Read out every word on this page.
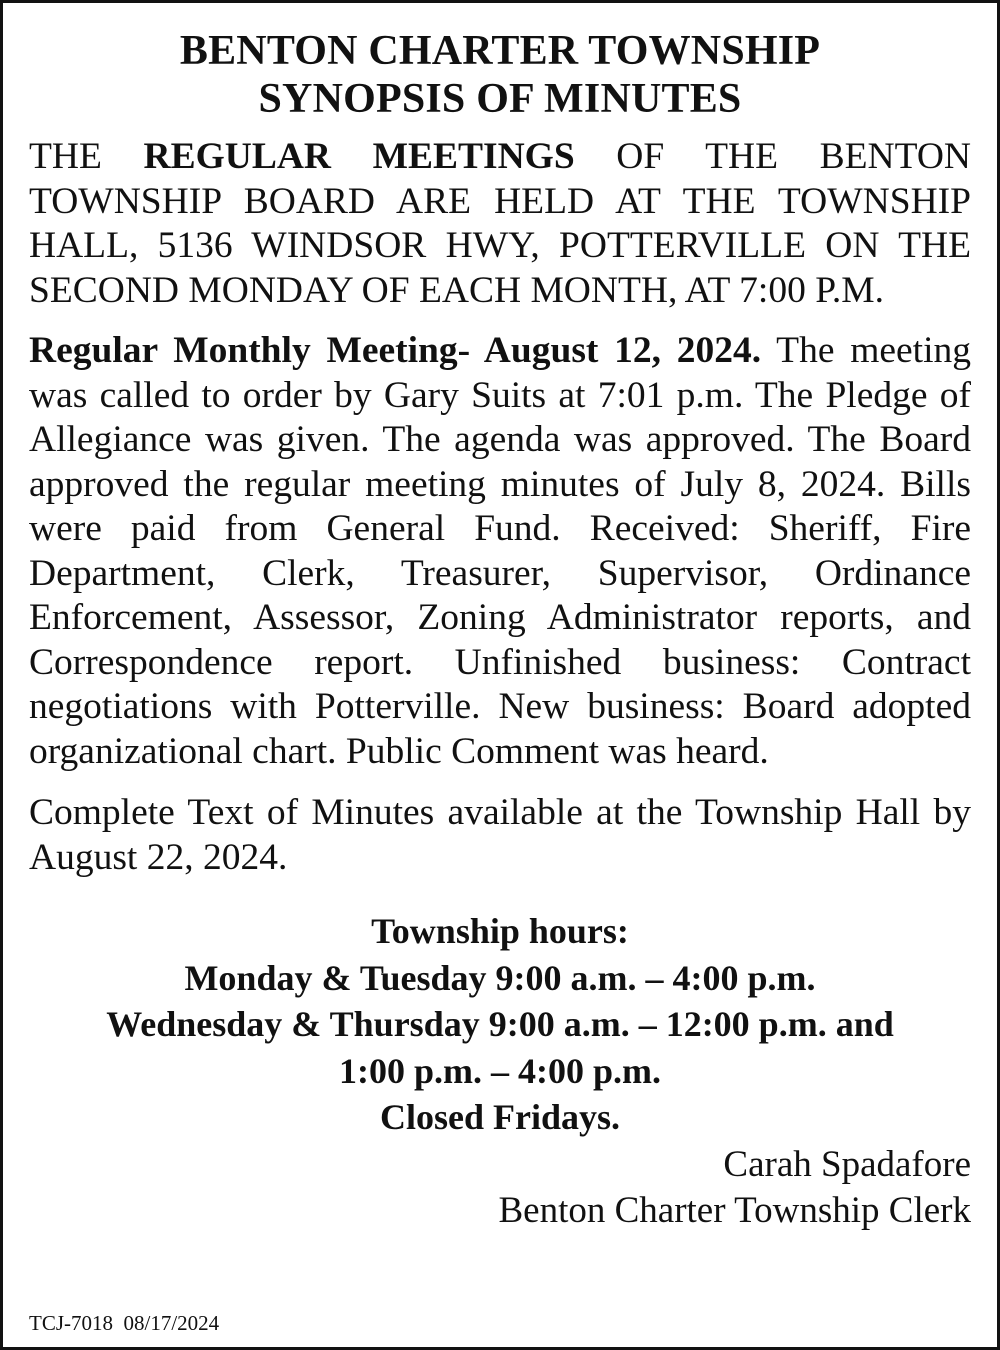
BENTON CHARTER TOWNSHIP
SYNOPSIS OF MINUTES

THE REGULAR MEETINGS OF THE BENTON TOWNSHIP BOARD ARE HELD AT THE TOWNSHIP HALL, 5136 WINDSOR HWY, POTTERVILLE ON THE SECOND MONDAY OF EACH MONTH, AT 7:00 P.M.

Regular Monthly Meeting- August 12, 2024. The meeting was called to order by Gary Suits at 7:01 p.m. The Pledge of Allegiance was given. The agenda was approved. The Board approved the regular meeting minutes of July 8, 2024. Bills were paid from General Fund. Received: Sheriff, Fire Department, Clerk, Treasurer, Supervisor, Ordinance Enforcement, Assessor, Zoning Administrator reports, and Correspondence report. Unfinished business: Contract negotiations with Potterville. New business: Board adopted organizational chart. Public Comment was heard.

Complete Text of Minutes available at the Township Hall by August 22, 2024.

Township hours:
Monday & Tuesday 9:00 a.m. – 4:00 p.m.
Wednesday & Thursday 9:00 a.m. – 12:00 p.m. and
1:00 p.m. – 4:00 p.m.
Closed Fridays.
Carah Spadafore
Benton Charter Township Clerk
TCJ-7018  08/17/2024
